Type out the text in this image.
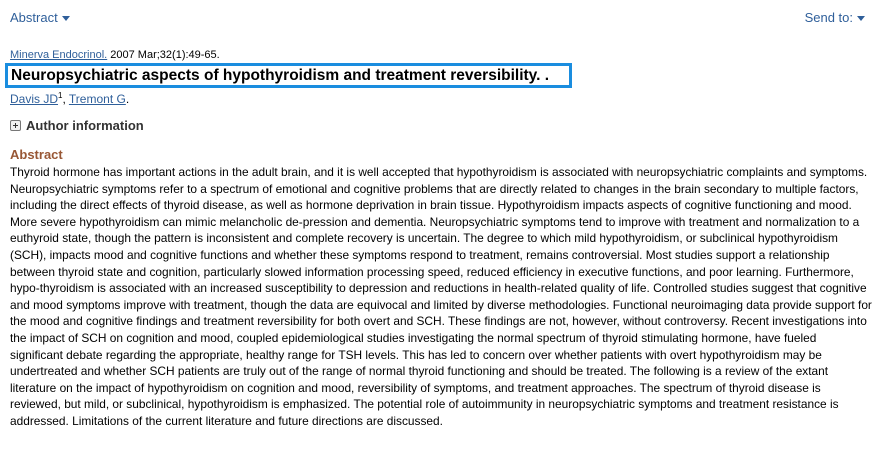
Abstract	Send to:
Minerva Endocrinol. 2007 Mar;32(1):49-65.
Neuropsychiatric aspects of hypothyroidism and treatment reversibility. .
Davis $JD^1$, Tremont G.
Author information
Abstract
Thyroid hormone has important actions in the adult brain, and it is well accepted that hypothyroidism is associated with neuropsychiatric complaints and symptoms. Neuropsychiatric symptoms refer to a spectrum of emotional and cognitive problems that are directly related to changes in the brain secondary to multiple factors, including the direct effects of thyroid disease, as well as hormone deprivation in brain tissue. Hypothyroidism impacts aspects of cognitive functioning and mood. More severe hypothyroidism can mimic melancholic de-pression and dementia. Neuropsychiatric symptoms tend to improve with treatment and normalization to a euthyroid state, though the pattern is inconsistent and complete recovery is uncertain. The degree to which mild hypothyroidism, or subclinical hypothyroidism (SCH), impacts mood and cognitive functions and whether these symptoms respond to treatment, remains controversial. Most studies support a relationship between thyroid state and cognition, particularly slowed information processing speed, reduced efficiency in executive functions, and poor learning. Furthermore, hypo-thyroidism is associated with an increased susceptibility to depression and reductions in health-related quality of life. Controlled studies suggest that cognitive and mood symptoms improve with treatment, though the data are equivocal and limited by diverse methodologies. Functional neuroimaging data provide support for the mood and cognitive findings and treatment reversibility for both overt and SCH. These findings are not, however, without controversy. Recent investigations into the impact of SCH on cognition and mood, coupled epidemiological studies investigating the normal spectrum of thyroid stimulating hormone, have fueled significant debate regarding the appropriate, healthy range for TSH levels. This has led to concern over whether patients with overt hypothyroidism may be undertreated and whether SCH patients are truly out of the range of normal thyroid functioning and should be treated. The following is a review of the extant literature on the impact of hypothyroidism on cognition and mood, reversibility of symptoms, and treatment approaches. The spectrum of thyroid disease is reviewed, but mild, or subclinical, hypothyroidism is emphasized. The potential role of autoimmunity in neuropsychiatric symptoms and treatment resistance is addressed. Limitations of the current literature and future directions are discussed.
